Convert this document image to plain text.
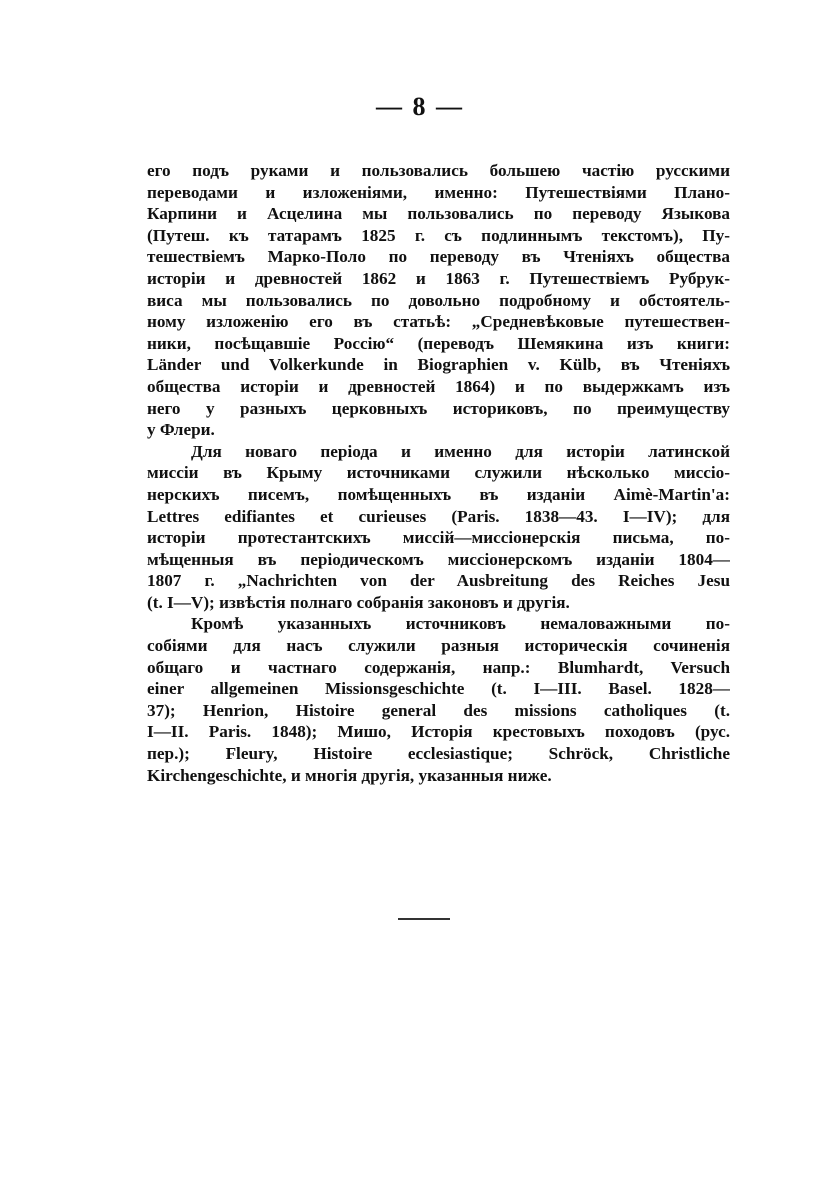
— 8 —
его подъ руками и пользовались большею частію русскими
переводами и изложеніями, именно: Путешествіями Плано-
Карпини и Асцелина мы пользовались по переводу Языкова
(Путеш. къ татарамъ 1825 г. съ подлиннымъ текстомъ), Пу-
тешествіемъ Марко-Поло по переводу въ Чтеніяхъ общества
исторіи и древностей 1862 и 1863 г. Путешествіемъ Рубрук-
виса мы пользовались по довольно подробному и обстоятель-
ному изложенію его въ статьѣ: „Средневѣковые путешествен-
ники, посѣщавшіе Россію“ (переводъ Шемякина изъ книги:
Länder und Volkerkunde in Biographien v. Külb, въ Чтеніяхъ
общества исторіи и древностей 1864) и по выдержкамъ изъ
него у разныхъ церковныхъ историковъ, по преимуществу
у Флери.
Для новаго періода и именно для исторіи латинской
миссіи въ Крыму источниками служили нѣсколько миссіо-
нерскихъ писемъ, помѣщенныхъ въ изданіи Aimè-Martin'a:
Lettres edifiantes et curieuses (Paris. 1838—43. I—IV); для
исторіи протестантскихъ миссій—миссіонерскія письма, по-
мѣщенныя въ періодическомъ миссіонерскомъ изданіи 1804—
1807 г. „Nachrichten von der Ausbreitung des Reiches Jesu
(t. I—V); извѣстія полнаго собранія законовъ и другія.
Кромѣ указанныхъ источниковъ немаловажными по-
собіями для насъ служили разныя историческія сочиненія
общаго и частнаго содержанія, напр.: Blumhardt, Versuch
einer allgemeinen Missionsgeschichte (t. I—III. Basel. 1828—
37); Henrion, Histoire general des missions catholiques (t.
I—II. Paris. 1848); Мишо, Исторія крестовыхъ походовъ (рус.
пер.); Fleury, Histoire ecclesiastique; Schröck, Christliche
Kirchengeschichte, и многія другія, указанныя ниже.
